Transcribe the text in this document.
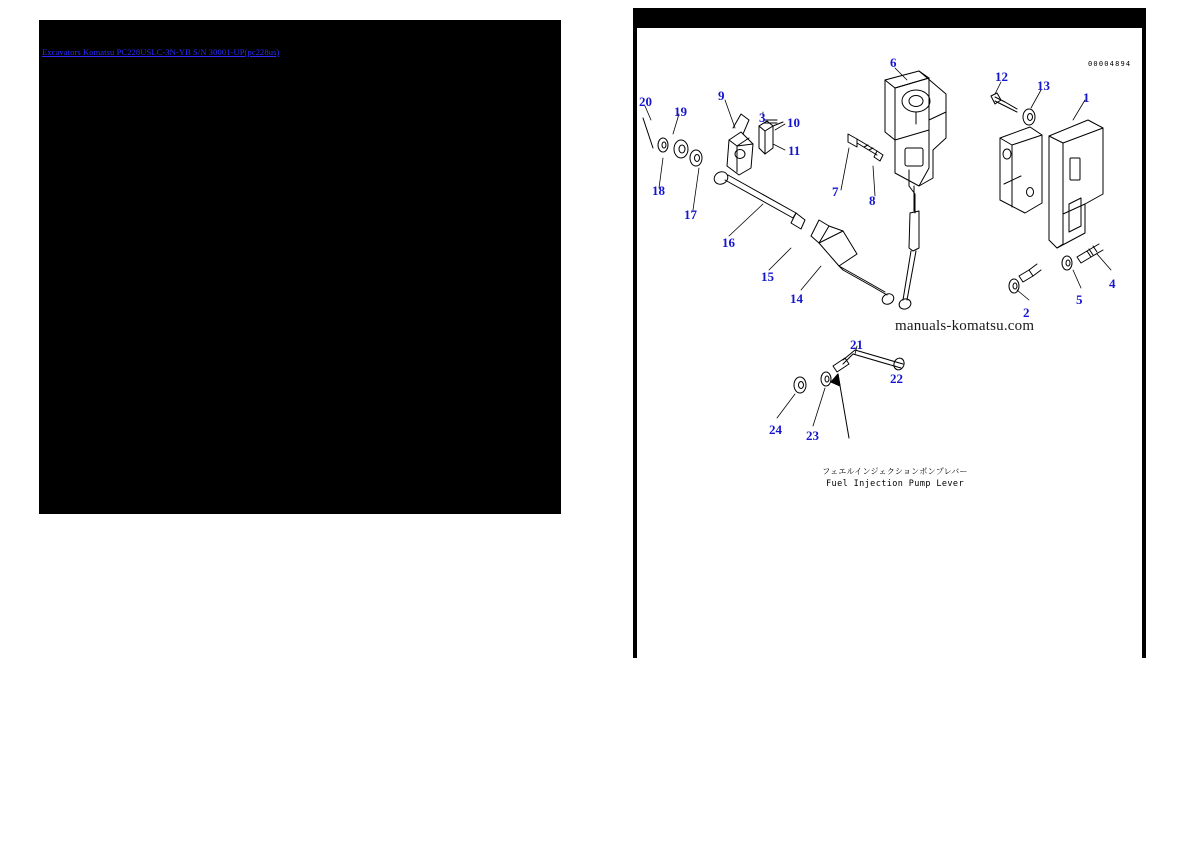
Excavators Komatsu PC228USLC-3N-YB S/N 30001-UP(pc228us)
00004894
manuals-komatsu.com
1
2
3
4
5
6
7
8
9
10
11
12
13
14
15
16
17
18
19
20
21
22
23
24
フェエルインジェクションポンプレバー
Fuel Injection Pump Lever
